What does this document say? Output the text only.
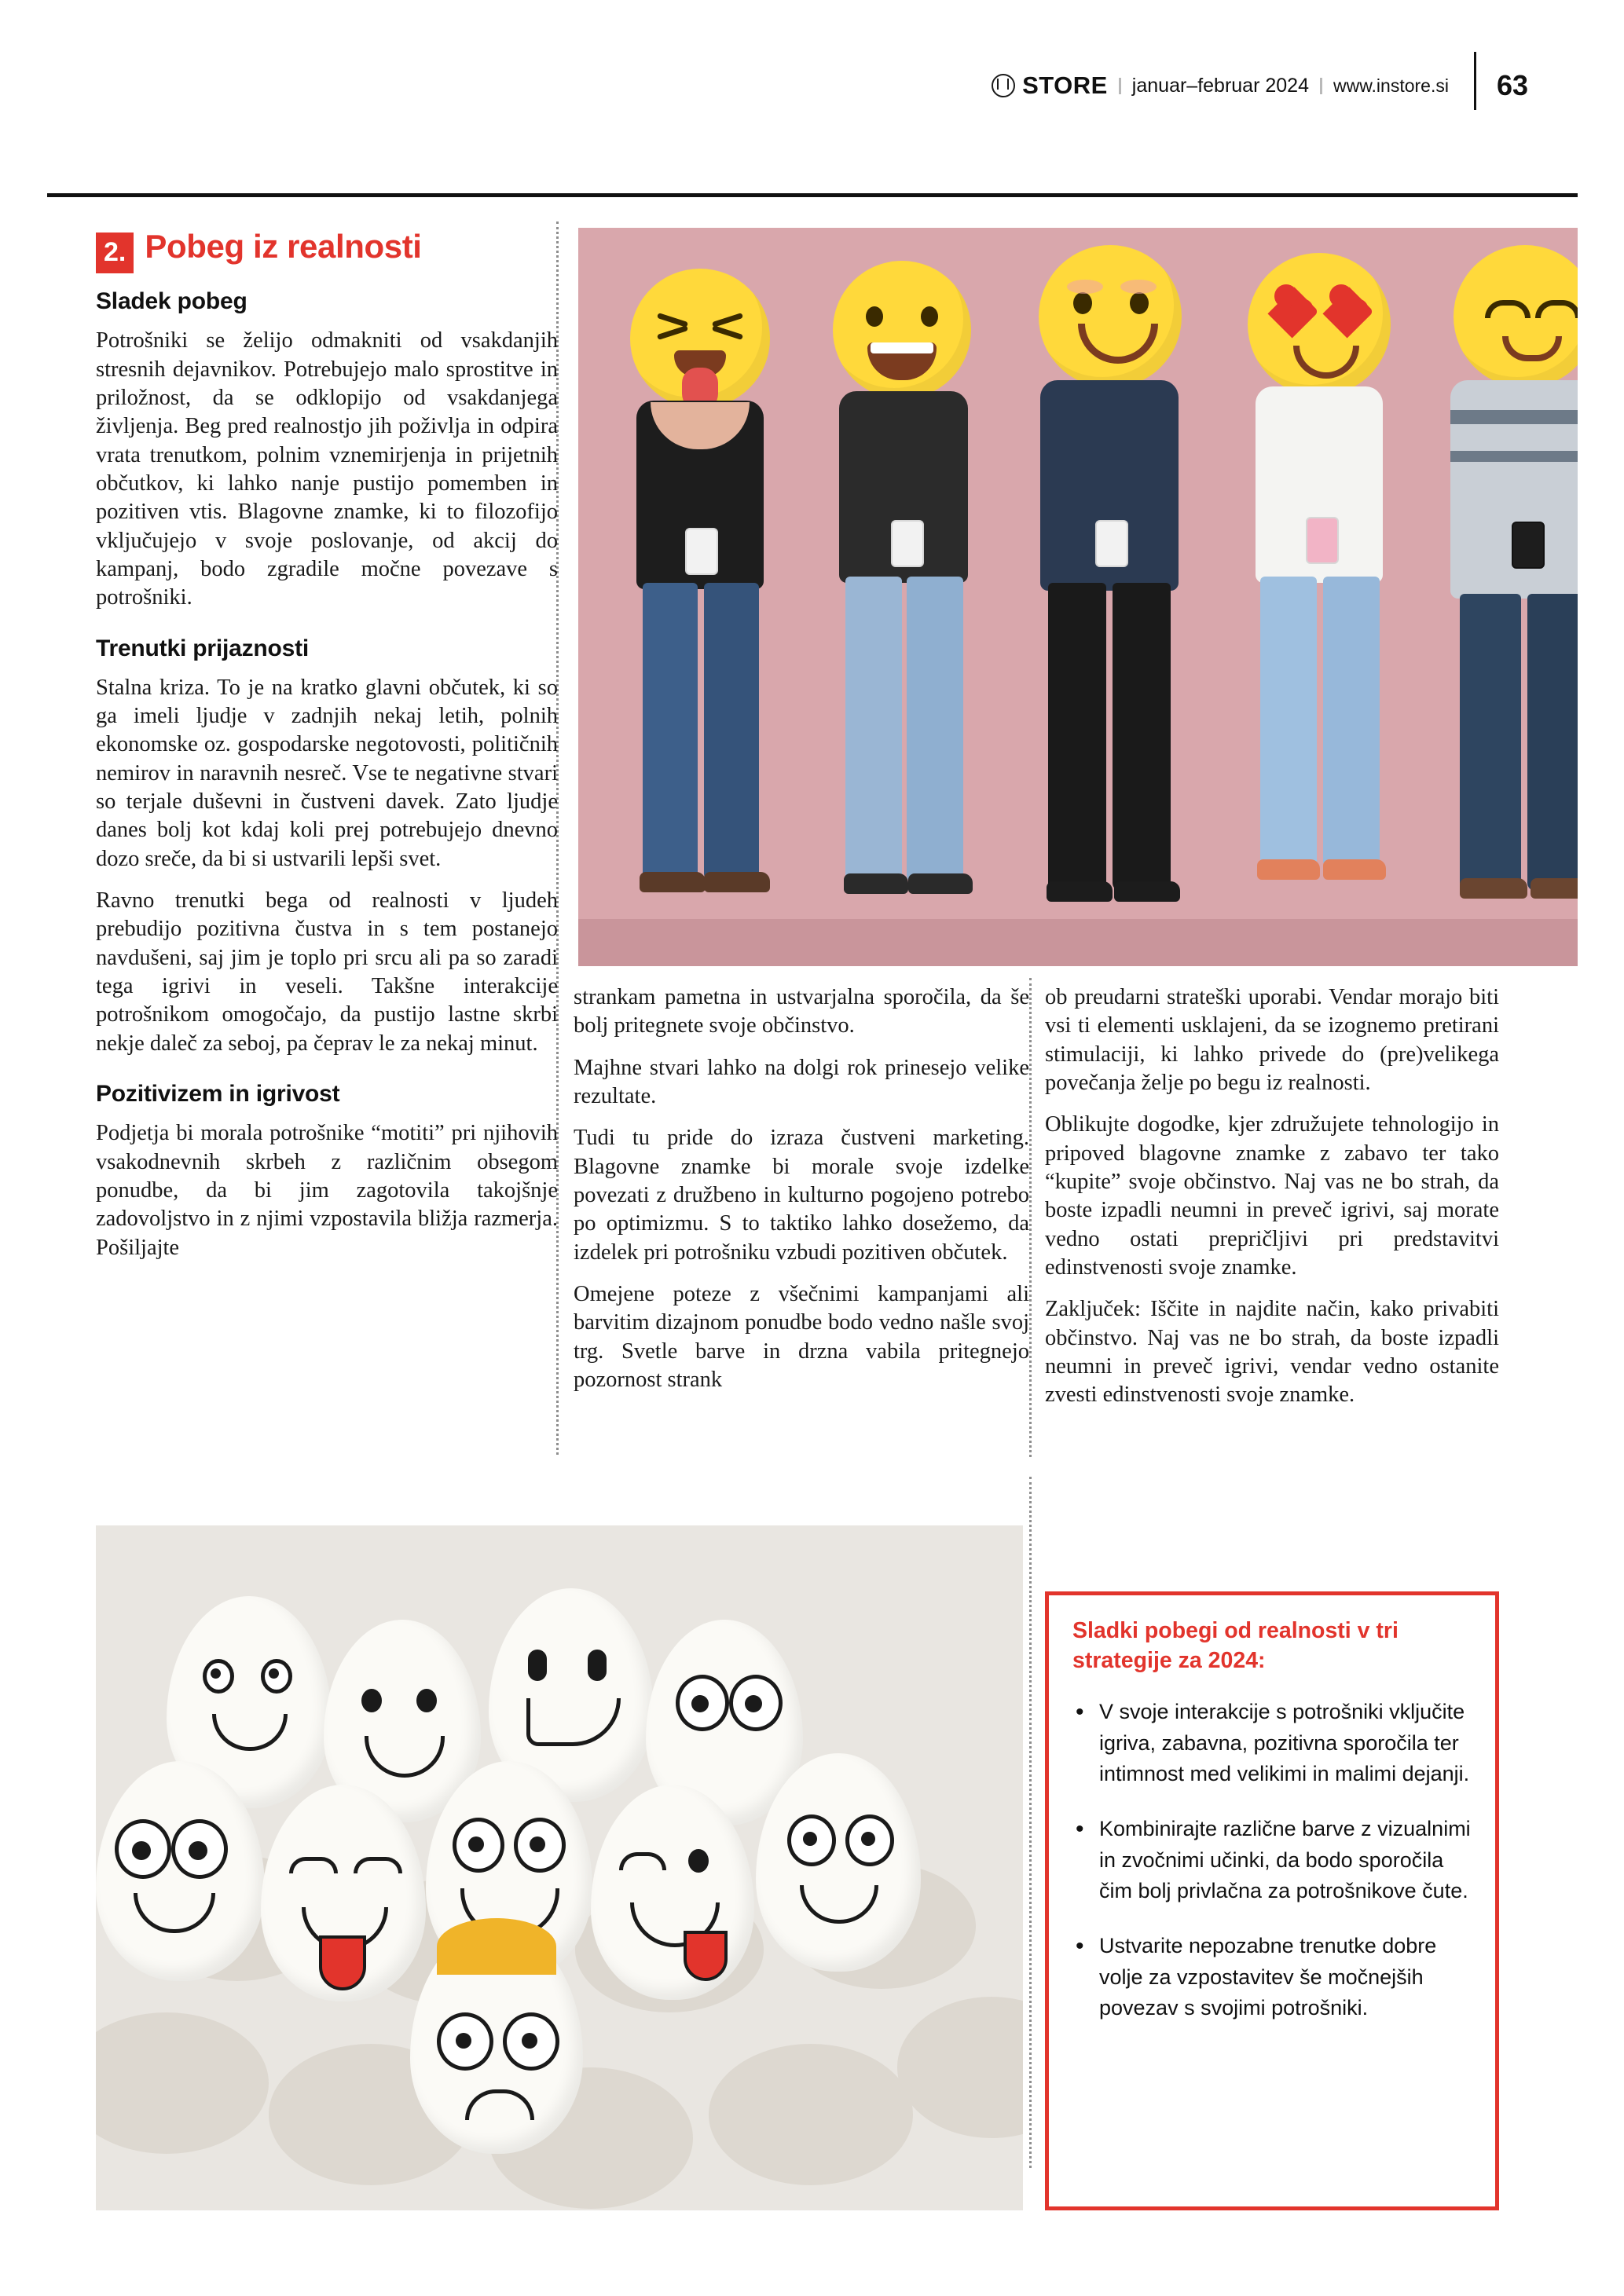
STORE januar–februar 2024 www.instore.si 63
2. Pobeg iz realnosti
Sladek pobeg

Potrošniki se želijo odmakniti od vsakdanjih stresnih dejavnikov. Potrebujejo malo sprostitve in priložnost, da se odklopijo od vsakdanjega življenja. Beg pred realnostjo jih poživlja in odpira vrata trenutkom, polnim vznemirjenja in prijetnih občutkov, ki lahko nanje pustijo pomemben in pozitiven vtis. Blagovne znamke, ki to filozofijo vključujejo v svoje poslovanje, od akcij do kampanj, bodo zgradile močne povezave s potrošniki.

Trenutki prijaznosti

Stalna kriza. To je na kratko glavni občutek, ki so ga imeli ljudje v zadnjih nekaj letih, polnih ekonomske oz. gospodarske negotovosti, političnih nemirov in naravnih nesreč. Vse te negativne stvari so terjale duševni in čustveni davek. Zato ljudje danes bolj kot kdaj koli prej potrebujejo dnevno dozo sreče, da bi si ustvarili lepši svet.

Ravno trenutki bega od realnosti v ljudeh prebudijo pozitivna čustva in s tem postanejo navdušeni, saj jim je toplo pri srcu ali pa so zaradi tega igrivi in veseli. Takšne interakcije potrošnikom omogočajo, da pustijo lastne skrbi nekje daleč za seboj, pa čeprav le za nekaj minut.

Pozitivizem in igrivost

Podjetja bi morala potrošnike “motiti” pri njihovih vsakodnevnih skrbeh z različnim obsegom ponudbe, da bi jim zagotovila takojšnje zadovoljstvo in z njimi vzpostavila bližja razmerja. Pošiljajte

strankam pametna in ustvarjalna sporočila, da še bolj pritegnete svoje občinstvo.

Majhne stvari lahko na dolgi rok prinesejo velike rezultate.

Tudi tu pride do izraza čustveni marketing. Blagovne znamke bi morale svoje izdelke povezati z družbeno in kulturno pogojeno potrebo po optimizmu. S to taktiko lahko dosežemo, da izdelek pri potrošniku vzbudi pozitiven občutek.

Omejene poteze z všečnimi kampanjami ali barvitim dizajnom ponudbe bodo vedno našle svoj trg. Svetle barve in drzna vabila pritegnejo pozornost strank

ob preudarni strateški uporabi. Vendar morajo biti vsi ti elementi usklajeni, da se izognemo pretirani stimulaciji, ki lahko privede do (pre)velikega povečanja želje po begu iz realnosti.

Oblikujte dogodke, kjer združujete tehnologijo in pripoved blagovne znamke z zabavo ter tako “kupite” svoje občinstvo. Naj vas ne bo strah, da boste izpadli neumni in preveč igrivi, saj morate vedno ostati prepričljivi pri predstavitvi edinstvenosti svoje znamke.

Zaključek: Iščite in najdite način, kako privabiti občinstvo. Naj vas ne bo strah, da boste izpadli neumni in preveč igrivi, vendar vedno ostanite zvesti edinstvenosti svoje znamke.

Sladki pobegi od realnosti v tri strategije za 2024:
• V svoje interakcije s potrošniki vključite igriva, zabavna, pozitivna sporočila ter intimnost med velikimi in malimi dejanji.
• Kombinirajte različne barve z vizualnimi in zvočnimi učinki, da bodo sporočila čim bolj privlačna za potrošnikove čute.
• Ustvarite nepozabne trenutke dobre volje za vzpostavitev še močnejših povezav s svojimi potrošniki.
